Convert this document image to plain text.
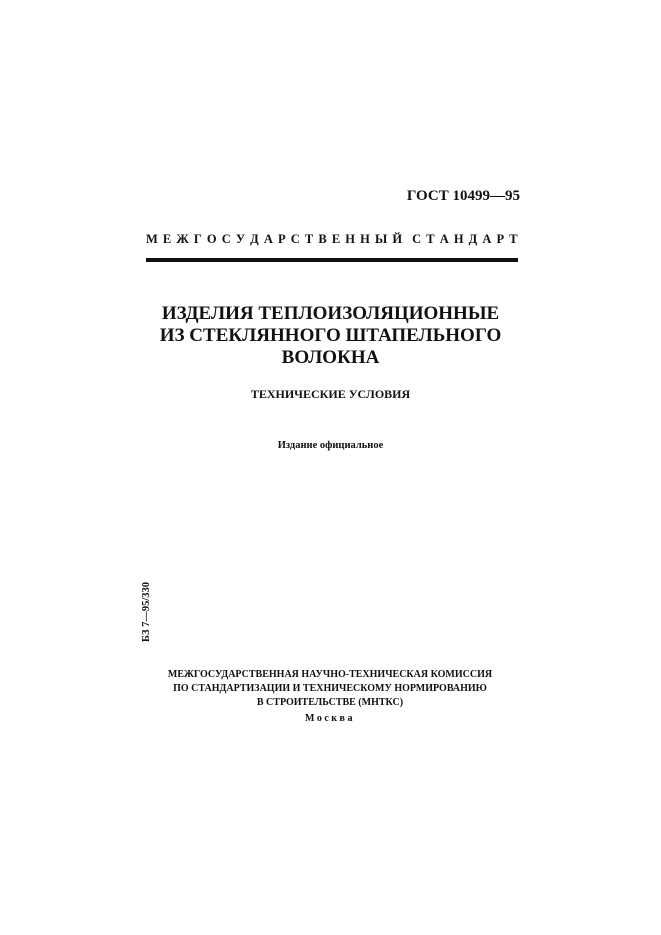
ГОСТ 10499—95
М Е Ж Г О С У Д А Р С Т В Е Н Н Ы Й С Т А Н Д А Р Т
ИЗДЕЛИЯ ТЕПЛОИЗОЛЯЦИОННЫЕ
ИЗ СТЕКЛЯННОГО ШТАПЕЛЬНОГО
ВОЛОКНА
ТЕХНИЧЕСКИЕ УСЛОВИЯ
Издание официальное
БЗ 7—95/330
МЕЖГОСУДАРСТВЕННАЯ НАУЧНО-ТЕХНИЧЕСКАЯ КОМИССИЯ
ПО СТАНДАРТИЗАЦИИ И ТЕХНИЧЕСКОМУ НОРМИРОВАНИЮ
В СТРОИТЕЛЬСТВЕ (МНТКС)
Москва
